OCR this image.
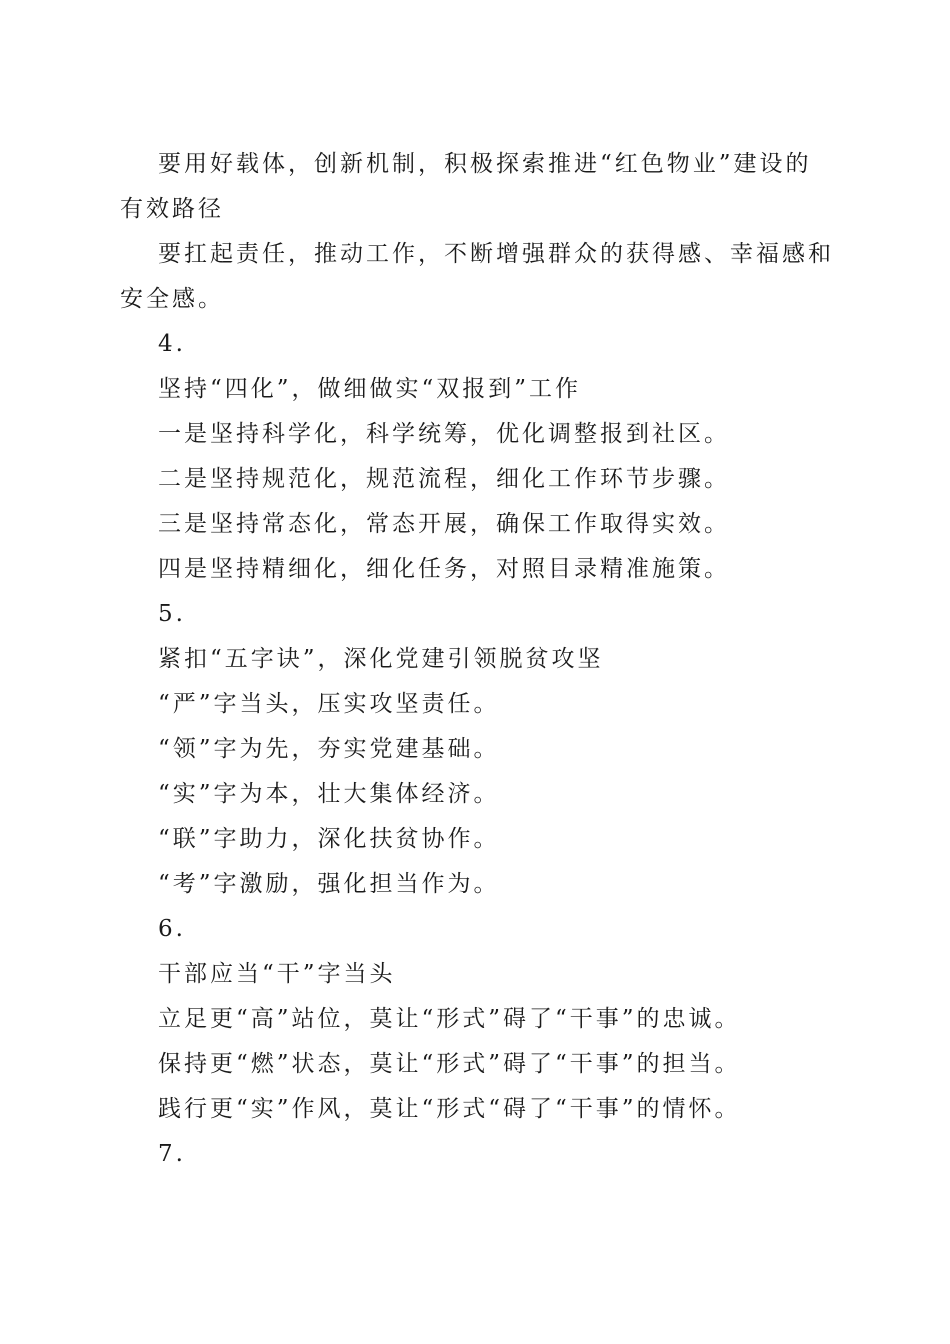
要用好载体，创新机制，积极探索推进“红色物业”建设的
有效路径
要扛起责任，推动工作，不断增强群众的获得感、幸福感和
安全感。
4.
坚持“四化”，做细做实“双报到”工作
一是坚持科学化，科学统筹，优化调整报到社区。
二是坚持规范化，规范流程，细化工作环节步骤。
三是坚持常态化，常态开展，确保工作取得实效。
四是坚持精细化，细化任务，对照目录精准施策。
5.
紧扣“五字诀”，深化党建引领脱贫攻坚
“严”字当头，压实攻坚责任。
“领”字为先，夯实党建基础。
“实”字为本，壮大集体经济。
“联”字助力，深化扶贫协作。
“考”字激励，强化担当作为。
6.
干部应当“干”字当头
立足更“高”站位，莫让“形式”碍了“干事”的忠诚。
保持更“燃”状态，莫让“形式”碍了“干事”的担当。
践行更“实”作风，莫让“形式“碍了“干事”的情怀。
7.
